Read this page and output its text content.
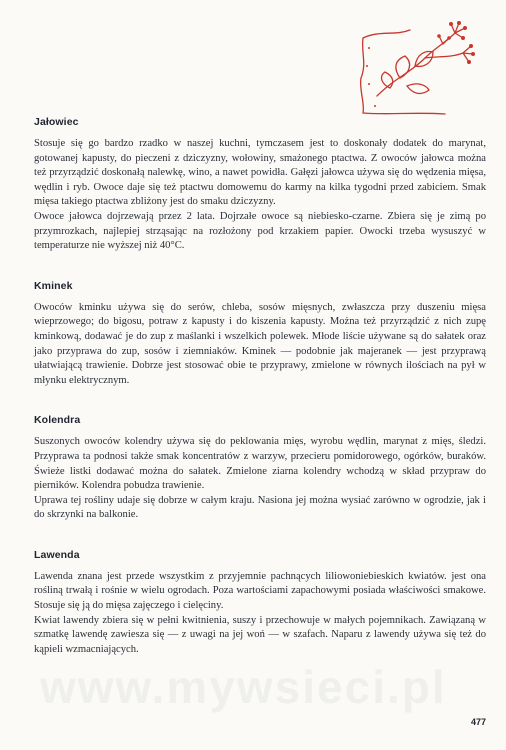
Jałowiec

Stosuje się go bardzo rzadko w naszej kuchni, tymczasem jest to doskonały dodatek do marynat, gotowanej kapusty, do pieczeni z dziczyzny, wołowiny, smażonego ptactwa. Z owoców jałowca można też przyrządzić doskonałą nalewkę, wino, a nawet powidła. Gałęzi jałowca używa się do wędzenia mięsa, wędlin i ryb. Owoce daje się też ptactwu domowemu do karmy na kilka tygodni przed zabiciem. Smak mięsa takiego ptactwa zbliżony jest do smaku dziczyzny.

Owoce jałowca dojrzewają przez 2 lata. Dojrzałe owoce są niebiesko-czarne. Zbiera się je zimą po przymrozkach, najlepiej strząsając na rozłożony pod krzakiem papier. Owocki trzeba wysuszyć w temperaturze nie wyższej niż 40°C.

Kminek

Owoców kminku używa się do serów, chleba, sosów mięsnych, zwłaszcza przy duszeniu mięsa wieprzowego; do bigosu, potraw z kapusty i do kiszenia kapusty. Można też przyrządzić z nich zupę kminkową, dodawać je do zup z maślanki i wszelkich polewek. Młode liście używane są do sałatek oraz jako przyprawa do zup, sosów i ziemniaków. Kminek — podobnie jak majeranek — jest przyprawą ułatwiającą trawienie. Dobrze jest stosować obie te przyprawy, zmielone w równych ilościach na pył w młynku elektrycznym.

Kolendra

Suszonych owoców kolendry używa się do peklowania mięs, wyrobu wędlin, marynat z mięs, śledzi. Przyprawa ta podnosi także smak koncentratów z warzyw, przecieru pomidorowego, ogórków, buraków. Świeże listki dodawać można do sałatek. Zmielone ziarna kolendry wchodzą w skład przypraw do pierników. Kolendra pobudza trawienie.

Uprawa tej rośliny udaje się dobrze w całym kraju. Nasiona jej można wysiać zarówno w ogrodzie, jak i do skrzynki na balkonie.

Lawenda

Lawenda znana jest przede wszystkim z przyjemnie pachnących liliowoniebieskich kwiatów. jest ona rośliną trwałą i rośnie w wielu ogrodach. Poza wartościami zapachowymi posiada właściwości smakowe. Stosuje się ją do mięsa zajęczego i cielęciny.

Kwiat lawendy zbiera się w pełni kwitnienia, suszy i przechowuje w małych pojemnikach. Zawiązaną w szmatkę lawendę zawiesza się — z uwagi na jej woń — w szafach. Naparu z lawendy używa się też do kąpieli wzmacniających.

www.mywsieci.pl
477
